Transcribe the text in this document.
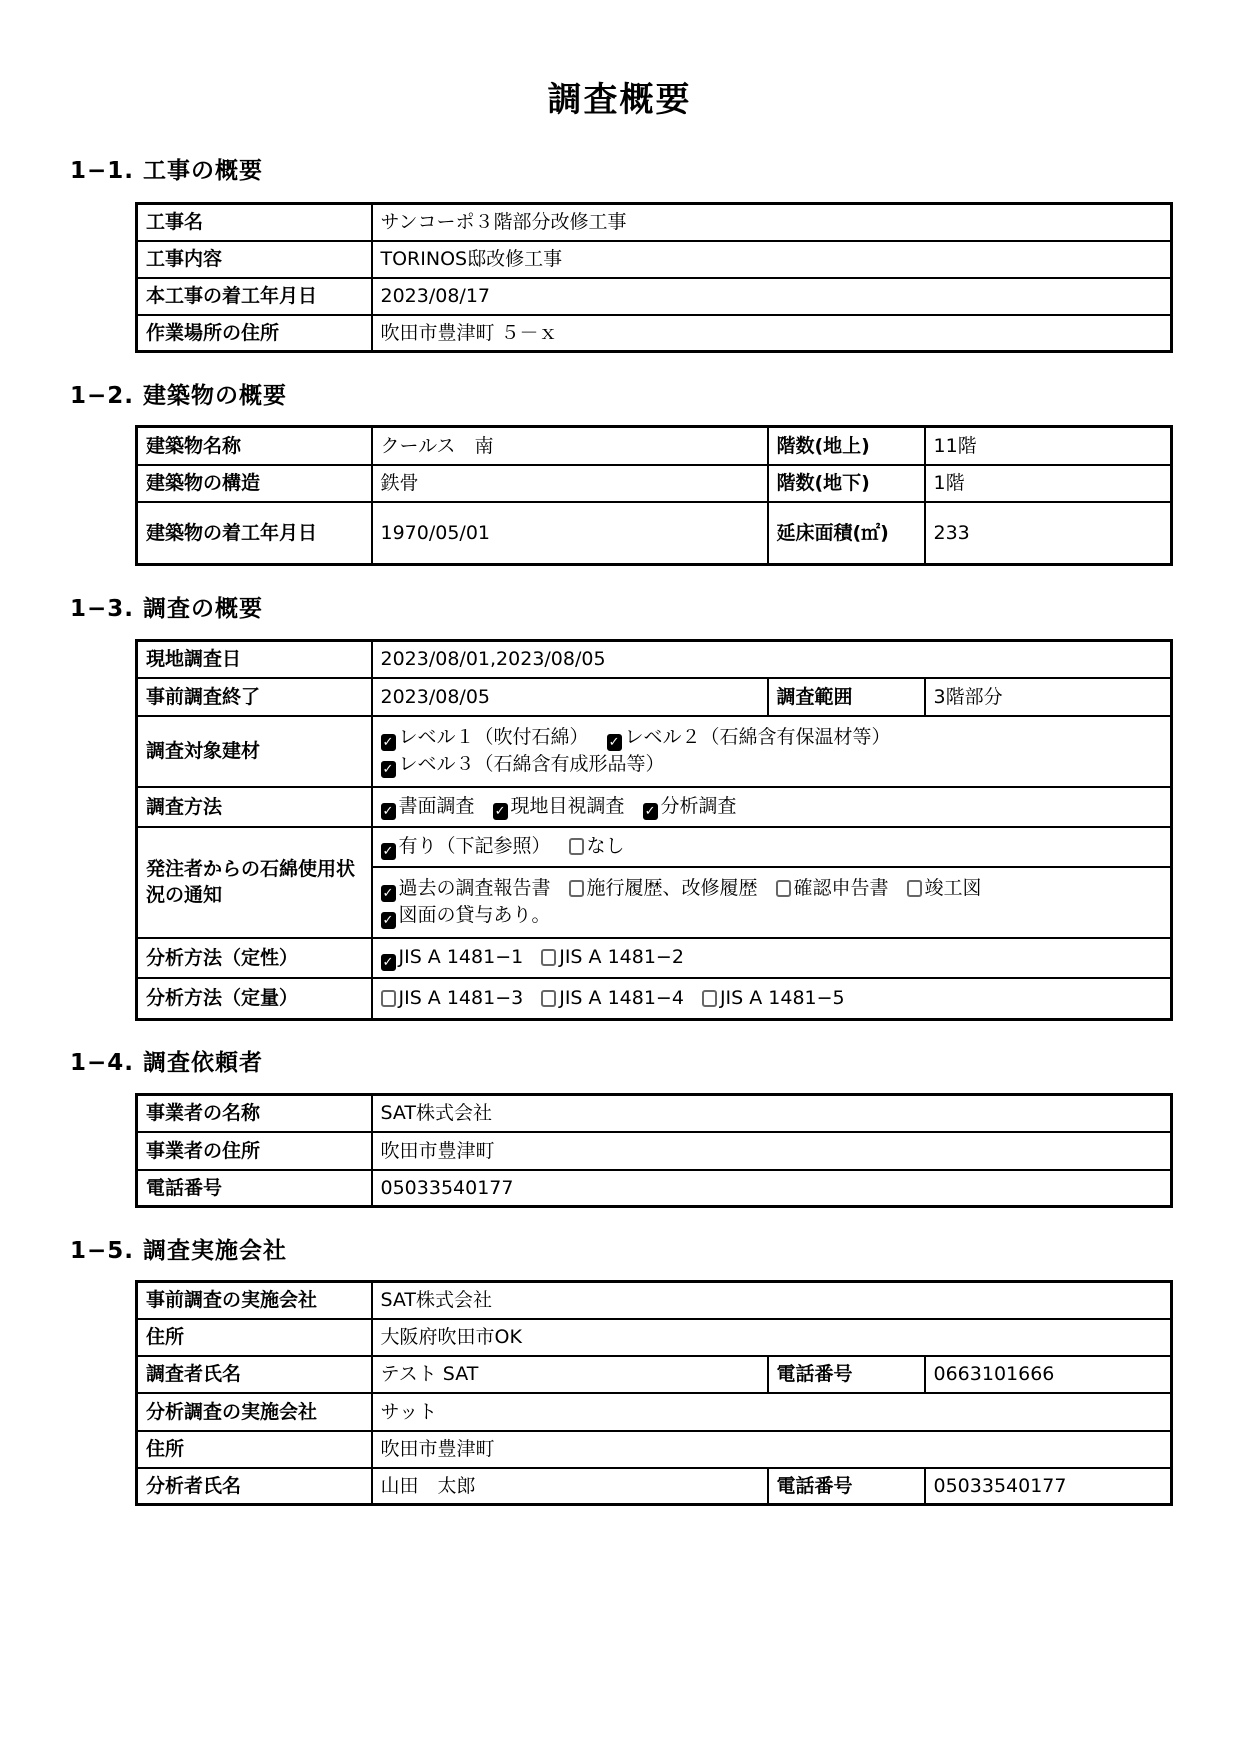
調査概要
1−1. 工事の概要
工事名	サンコーポ３階部分改修工事
工事内容	TORINOS邸改修工事
本工事の着工年月日	2023/08/17
作業場所の住所	吹田市豊津町 ５－ｘ
1−2. 建築物の概要
建築物名称	クールス　南	階数(地上)	11階
建築物の構造	鉄骨	階数(地下)	1階
建築物の着工年月日	1970/05/01	延床面積(㎡)	233
1−3. 調査の概要
現地調査日	2023/08/01,2023/08/05		
事前調査終了	2023/08/05	調査範囲	3階部分
調査対象建材	✓ レベル１（吹付石綿） ✓ レベル２（石綿含有保温材等）
✓ レベル３（石綿含有成形品等）		

調査方法	✓ 書面調査 ✓ 現地目視調査 ✓ 分析調査		
発注者からの石綿使用状況の通知	✓ 有り（下記参照） なし		

	✓ 過去の調査報告書 施行履歴、改修履歴 確認申告書 竣工図
✓ 図面の貸与あり。		

分析方法（定性）	✓ JIS A 1481−1 JIS A 1481−2		
分析方法（定量）	JIS A 1481−3 JIS A 1481−4 JIS A 1481−5		
1−4. 調査依頼者
事業者の名称	SAT株式会社
事業者の住所	吹田市豊津町
電話番号	05033540177
1−5. 調査実施会社
事前調査の実施会社	SAT株式会社		
住所	大阪府吹田市OK		
調査者氏名	テスト SAT	電話番号	0663101666
分析調査の実施会社	サット		
住所	吹田市豊津町		
分析者氏名	山田　太郎	電話番号	05033540177
